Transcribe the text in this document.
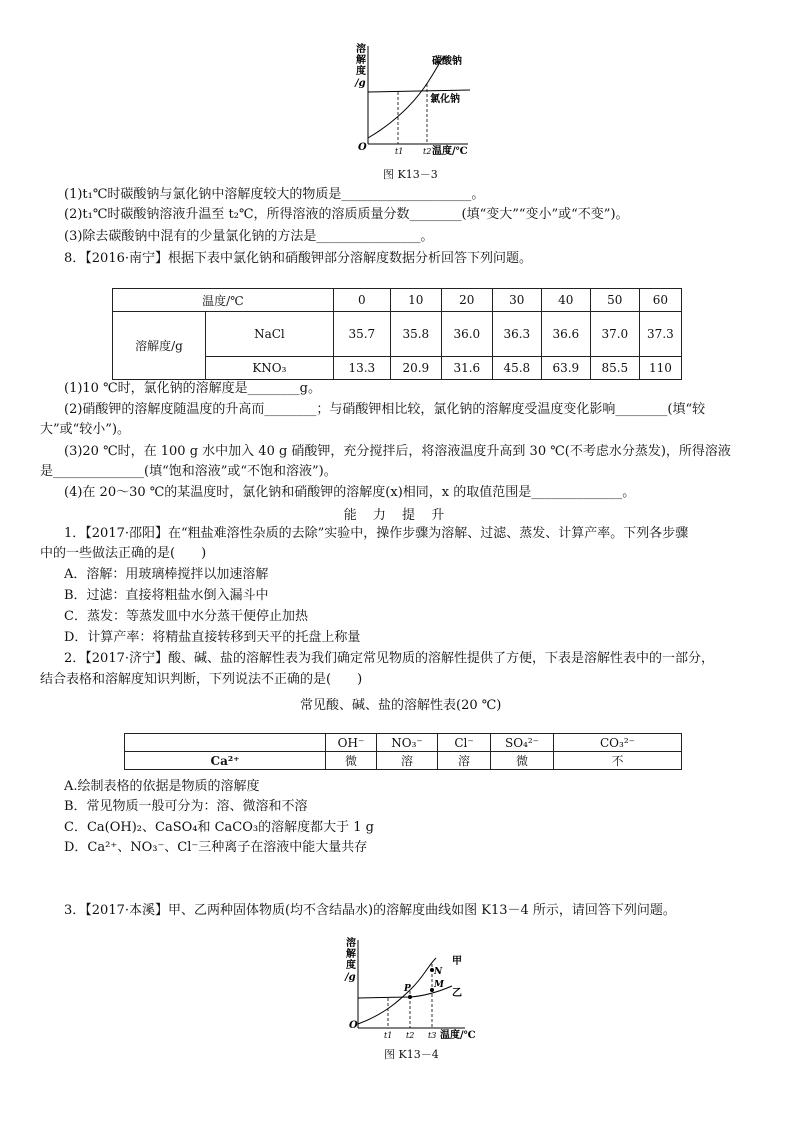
溶
解
度
/g
O
碳酸钠
氯化钠
t1 t2 温度/℃
图 K13－3
(1)t₁℃时碳酸钠与氯化钠中溶解度较大的物质是____________________。
(2)t₁℃时碳酸钠溶液升温至 t₂℃，所得溶液的溶质质量分数________(填“变大”“变小”或“不变”)。
(3)除去碳酸钠中混有的少量氯化钠的方法是________________。
8．【2016·南宁】根据下表中氯化钠和硝酸钾部分溶解度数据分析回答下列问题。
温度/℃		0	10	20	30	40	50	60
溶解度/g	NaCl	35.7	35.8	36.0	36.3	36.6	37.0	37.3
	KNO₃	13.3	20.9	31.6	45.8	63.9	85.5	110
(1)10 ℃时，氯化钠的溶解度是________g。
(2)硝酸钾的溶解度随温度的升高而________；与硝酸钾相比较，氯化钠的溶解度受温度变化影响________(填“较
大”或“较小”)。
(3)20 ℃时，在 100 g 水中加入 40 g 硝酸钾，充分搅拌后，将溶液温度升高到 30 ℃(不考虑水分蒸发)，所得溶液
是______________(填“饱和溶液”或“不饱和溶液”)。
(4)在 20～30 ℃的某温度时，氯化钠和硝酸钾的溶解度(x)相同，x 的取值范围是______________。
能 力 提 升
1．【2017·邵阳】在“粗盐难溶性杂质的去除”实验中，操作步骤为溶解、过滤、蒸发、计算产率。下列各步骤
中的一些做法正确的是(　　)
A．溶解：用玻璃棒搅拌以加速溶解
B．过滤：直接将粗盐水倒入漏斗中
C．蒸发：等蒸发皿中水分蒸干便停止加热
D．计算产率：将精盐直接转移到天平的托盘上称量
2．【2017·济宁】酸、碱、盐的溶解性表为我们确定常见物质的溶解性提供了方便，下表是溶解性表中的一部分，
结合表格和溶解度知识判断，下列说法不正确的是(　　)
常见酸、碱、盐的溶解性表(20 ℃)
	OH⁻	NO₃⁻	Cl⁻	SO₄²⁻	CO₃²⁻
Ca²⁺	微	溶	溶	微	不
A.绘制表格的依据是物质的溶解度
B．常见物质一般可分为：溶、微溶和不溶
C．Ca(OH)₂、CaSO₄和 CaCO₃的溶解度都大于 1 g
D．Ca²⁺、NO₃⁻、Cl⁻三种离子在溶液中能大量共存
3．【2017·本溪】甲、乙两种固体物质(均不含结晶水)的溶解度曲线如图 K13－4 所示，请回答下列问题。
溶
解
度
/g
O
P
N
M
甲
乙
t1 t2 t3 温度/℃
图 K13－4
